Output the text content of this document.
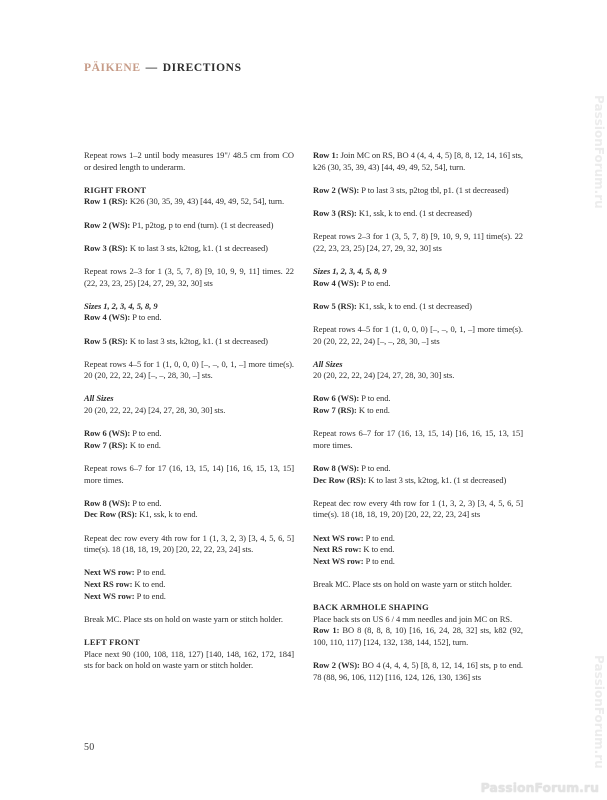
PÄIKENE — DIRECTIONS

Repeat rows 1–2 until body measures 19"/ 48.5 cm from CO or desired length to underarm.

RIGHT FRONT

Row 1 (RS): K26 (30, 35, 39, 43) [44, 49, 49, 52, 54], turn.

Row 2 (WS): P1, p2tog, p to end (turn). (1 st decreased)

Row 3 (RS): K to last 3 sts, k2tog, k1. (1 st decreased)

Repeat rows 2–3 for 1 (3, 5, 7, 8) [9, 10, 9, 9, 11] times. 22 (22, 23, 23, 25) [24, 27, 29, 32, 30] sts

Sizes 1, 2, 3, 4, 5, 8, 9

Row 4 (WS): P to end.

Row 5 (RS): K to last 3 sts, k2tog, k1. (1 st decreased)

Repeat rows 4–5 for 1 (1, 0, 0, 0) [–, –, 0, 1, –] more time(s). 20 (20, 22, 22, 24) [–, –, 28, 30, –] sts.

All Sizes

20 (20, 22, 22, 24) [24, 27, 28, 30, 30] sts.

Row 6 (WS): P to end.

Row 7 (RS): K to end.

Repeat rows 6–7 for 17 (16, 13, 15, 14) [16, 16, 15, 13, 15] more times.

Row 8 (WS): P to end.

Dec Row (RS): K1, ssk, k to end.

Repeat dec row every 4th row for 1 (1, 3, 2, 3) [3, 4, 5, 6, 5] time(s). 18 (18, 18, 19, 20) [20, 22, 22, 23, 24] sts.

Next WS row: P to end.

Next RS row: K to end.

Next WS row: P to end.

Break MC. Place sts on hold on waste yarn or stitch holder.

LEFT FRONT

Place next 90 (100, 108, 118, 127) [140, 148, 162, 172, 184] sts for back on hold on waste yarn or stitch holder.

Row 1: Join MC on RS, BO 4 (4, 4, 4, 5) [8, 8, 12, 14, 16] sts, k26 (30, 35, 39, 43) [44, 49, 49, 52, 54], turn.

Row 2 (WS): P to last 3 sts, p2tog tbl, p1. (1 st decreased)

Row 3 (RS): K1, ssk, k to end. (1 st decreased)

Repeat rows 2–3 for 1 (3, 5, 7, 8) [9, 10, 9, 9, 11] time(s). 22 (22, 23, 23, 25) [24, 27, 29, 32, 30] sts

Sizes 1, 2, 3, 4, 5, 8, 9

Row 4 (WS): P to end.

Row 5 (RS): K1, ssk, k to end. (1 st decreased)

Repeat rows 4–5 for 1 (1, 0, 0, 0) [–, –, 0, 1, –] more time(s). 20 (20, 22, 22, 24) [–, –, 28, 30, –] sts

All Sizes

20 (20, 22, 22, 24) [24, 27, 28, 30, 30] sts.

Row 6 (WS): P to end.

Row 7 (RS): K to end.

Repeat rows 6–7 for 17 (16, 13, 15, 14) [16, 16, 15, 13, 15] more times.

Row 8 (WS): P to end.

Dec Row (RS): K to last 3 sts, k2tog, k1. (1 st decreased)

Repeat dec row every 4th row for 1 (1, 3, 2, 3) [3, 4, 5, 6, 5] time(s). 18 (18, 18, 19, 20) [20, 22, 22, 23, 24] sts

Next WS row: P to end.

Next RS row: K to end.

Next WS row: P to end.

Break MC. Place sts on hold on waste yarn or stitch holder.

BACK ARMHOLE SHAPING

Place back sts on US 6 / 4 mm needles and join MC on RS.

Row 1: BO 8 (8, 8, 8, 10) [16, 16, 24, 28, 32] sts, k82 (92, 100, 110, 117) [124, 132, 138, 144, 152], turn.

Row 2 (WS): BO 4 (4, 4, 4, 5) [8, 8, 12, 14, 16] sts, p to end. 78 (88, 96, 106, 112) [116, 124, 126, 130, 136] sts

50
PassionForum.ru
PassionForum.ru
PassionForum.ru
